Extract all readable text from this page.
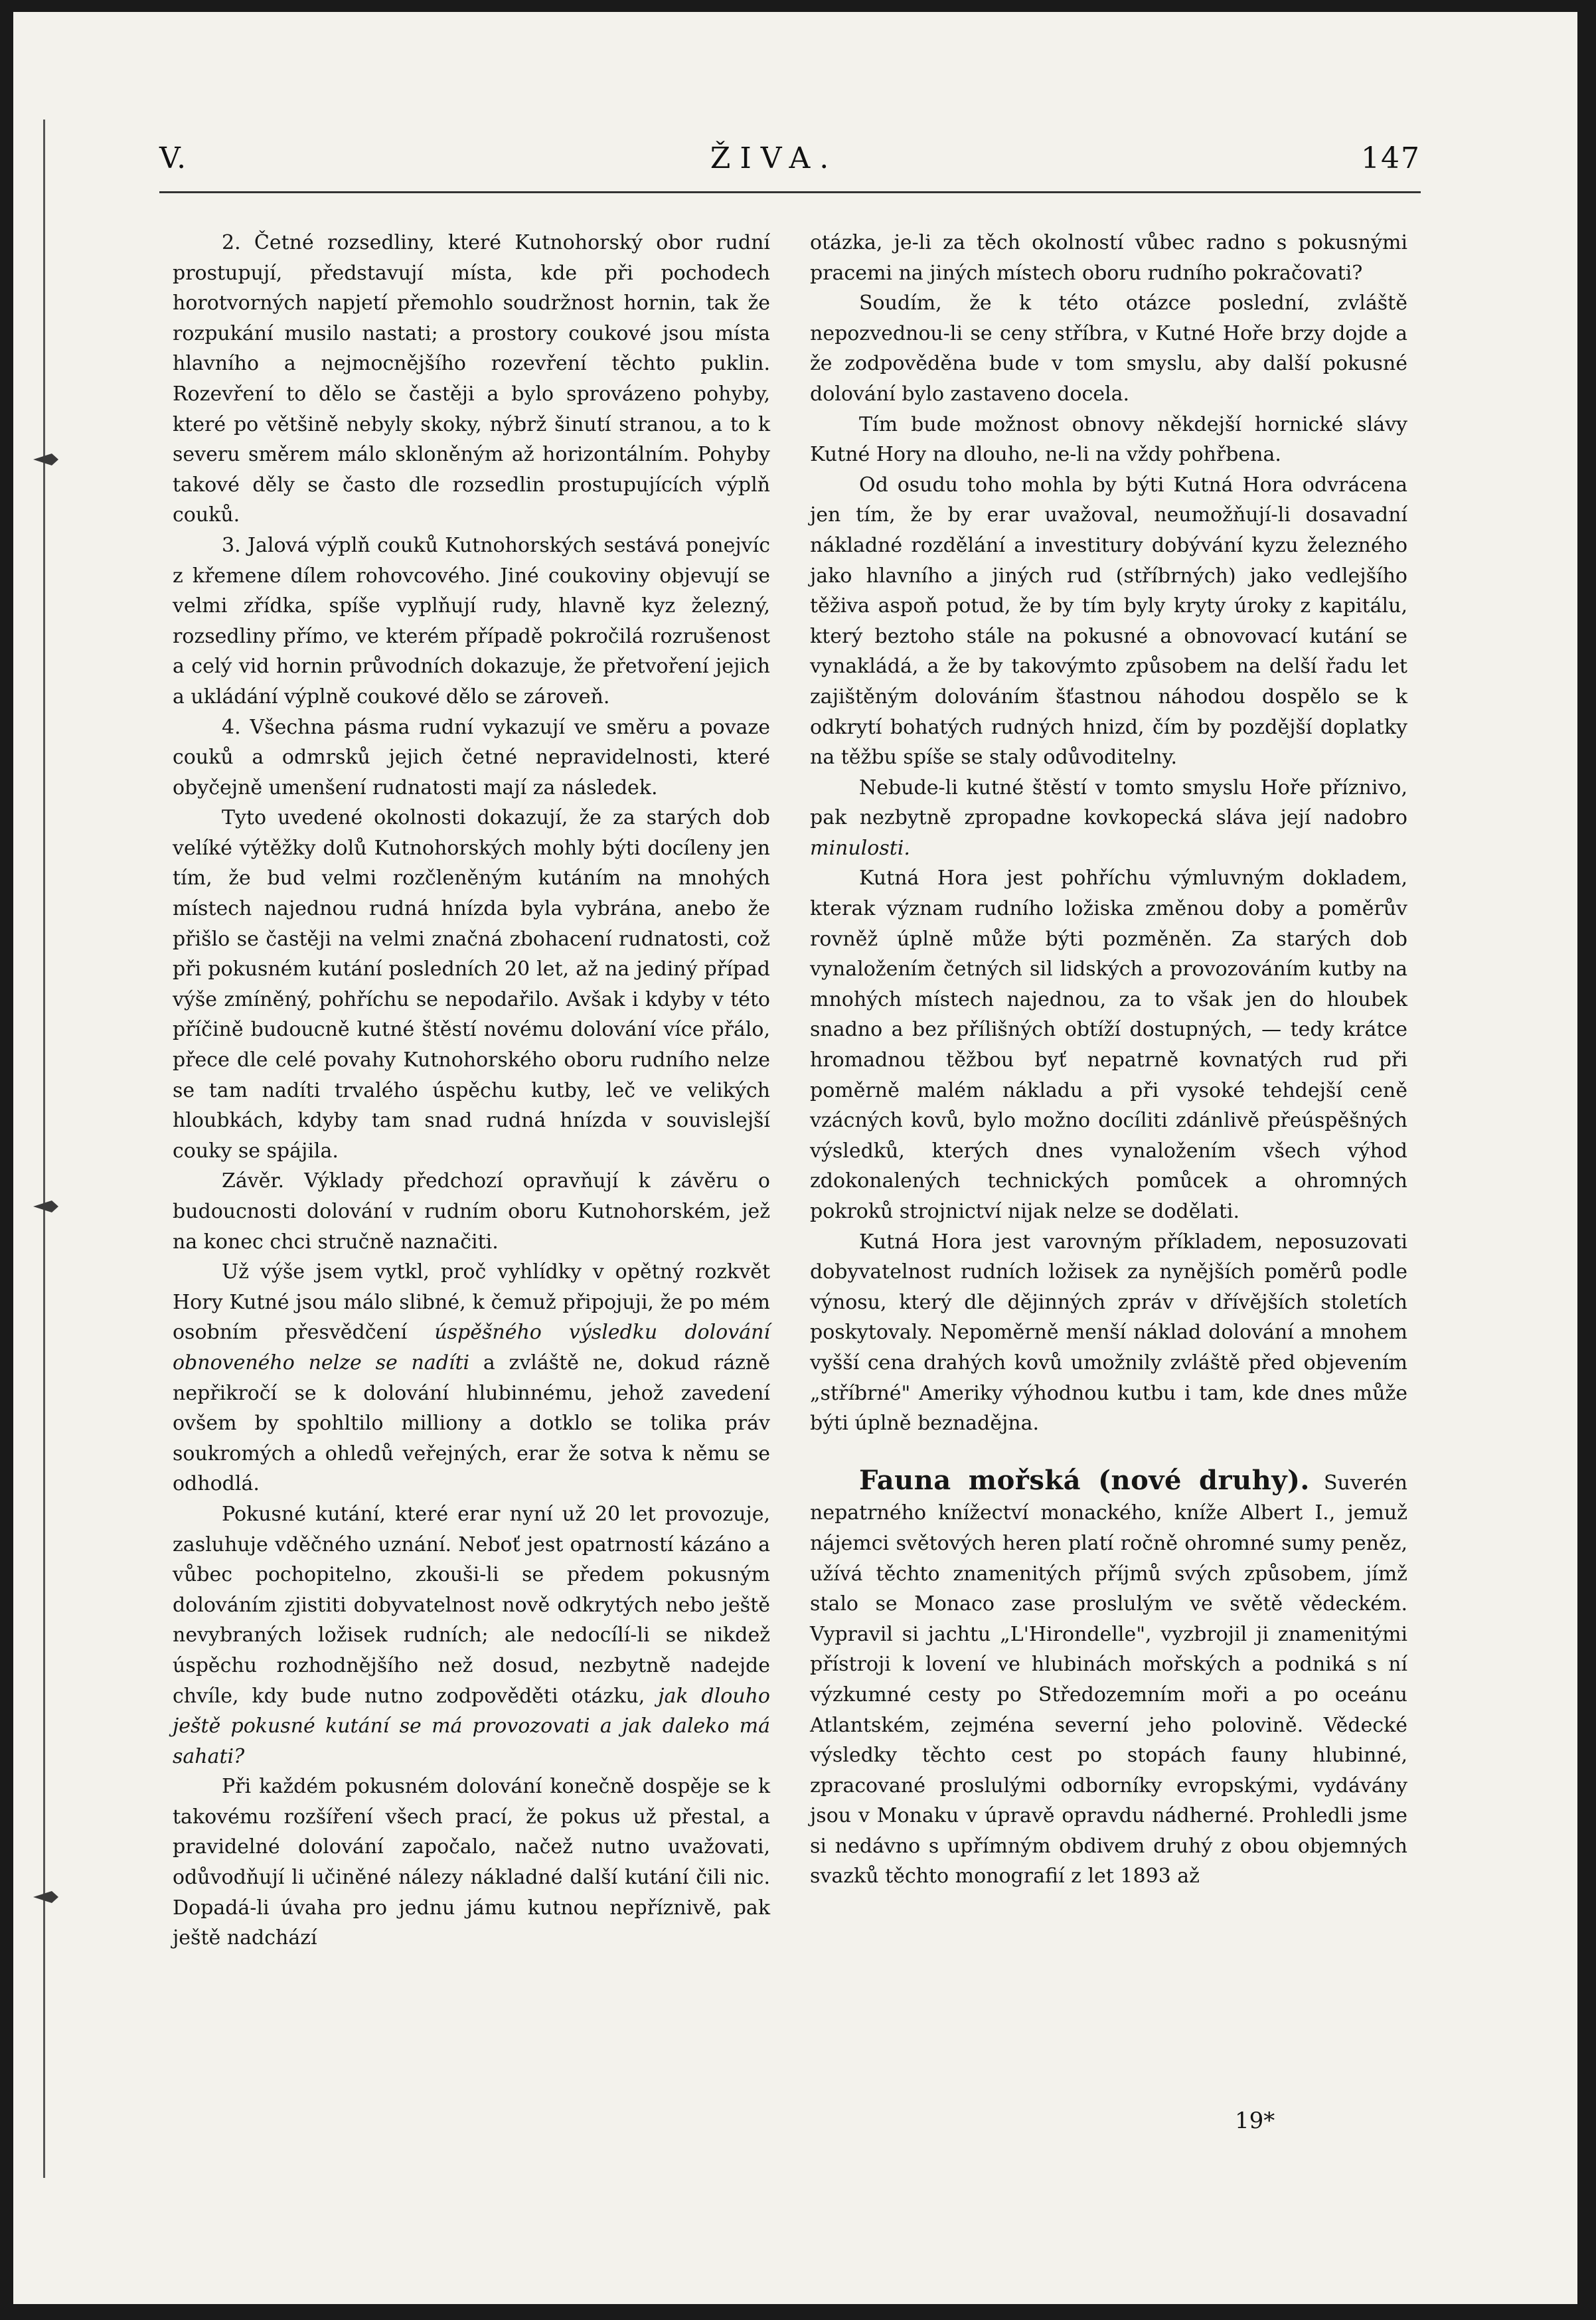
V.	ŽIVA.	147

2. Četné rozsedliny, které Kutnohorský obor rudní prostupují, představují místa, kde při pochodech horotvorných napjetí přemohlo soudržnost hornin, tak že rozpukání musilo nastati; a prostory coukové jsou místa hlavního a nejmocnějšího rozevření těchto puklin. Rozevření to dělo se častěji a bylo sprovázeno pohyby, které po většině nebyly skoky, nýbrž šinutí stranou, a to k severu směrem málo skloněným až horizontálním. Pohyby takové děly se často dle rozsedlin prostupujících výplň couků.

3. Jalová výplň couků Kutnohorských sestává ponejvíc z křemene dílem rohovcového. Jiné coukoviny objevují se velmi zřídka, spíše vyplňují rudy, hlavně kyz železný, rozsedliny přímo, ve kterém případě pokročilá rozrušenost a celý vid hornin průvodních dokazuje, že přetvoření jejich a ukládání výplně coukové dělo se zároveň.

4. Všechna pásma rudní vykazují ve směru a povaze couků a odmrsků jejich četné nepravidelnosti, které obyčejně umenšení rudnatosti mají za následek.

Tyto uvedené okolnosti dokazují, že za starých dob velíké výtěžky dolů Kutnohorských mohly býti docíleny jen tím, že bud velmi rozčleněným kutáním na mnohých místech najednou rudná hnízda byla vybrána, anebo že přišlo se častěji na velmi značná zbohacení rudnatosti, což při pokusném kutání posledních 20 let, až na jediný případ výše zmíněný, pohříchu se nepodařilo. Avšak i kdyby v této příčině budoucně kutné štěstí novému dolování více přálo, přece dle celé povahy Kutnohorského oboru rudního nelze se tam nadíti trvalého úspěchu kutby, leč ve velikých hloubkách, kdyby tam snad rudná hnízda v souvislejší couky se spájila.

Závěr. Výklady předchozí opravňují k závěru o budoucnosti dolování v rudním oboru Kutnohorském, jež na konec chci stručně naznačiti.

Už výše jsem vytkl, proč vyhlídky v opětný rozkvět Hory Kutné jsou málo slibné, k čemuž připojuji, že po mém osobním přesvědčení úspěšného výsledku dolování obnoveného nelze se nadíti a zvláště ne, dokud rázně nepřikročí se k dolování hlubinnému, jehož zavedení ovšem by spohltilo milliony a dotklo se tolika práv soukromých a ohledů veřejných, erar že sotva k němu se odhodlá.

Pokusné kutání, které erar nyní už 20 let provozuje, zasluhuje vděčného uznání. Neboť jest opatrností kázáno a vůbec pochopitelno, zkouši-li se předem pokusným dolováním zjistiti dobyvatelnost nově odkrytých nebo ještě nevybraných ložisek rudních; ale nedocílí-li se nikdež úspěchu rozhodnějšího než dosud, nezbytně nadejde chvíle, kdy bude nutno zodpověděti otázku, jak dlouho ještě pokusné kutání se má provozovati a jak daleko má sahati?

Při každém pokusném dolování konečně dospěje se k takovému rozšíření všech prací, že pokus už přestal, a pravidelné dolování započalo, načež nutno uvažovati, odůvodňují li učiněné nálezy nákladné další kutání čili nic. Dopadá-li úvaha pro jednu jámu kutnou nepříznivě, pak ještě nadchází

otázka, je-li za těch okolností vůbec radno s pokusnými pracemi na jiných místech oboru rudního pokračovati?

Soudím, že k této otázce poslední, zvláště nepozvednou-li se ceny stříbra, v Kutné Hoře brzy dojde a že zodpověděna bude v tom smyslu, aby další pokusné dolování bylo zastaveno docela.

Tím bude možnost obnovy někdejší hornické slávy Kutné Hory na dlouho, ne-li na vždy pohřbena.

Od osudu toho mohla by býti Kutná Hora odvrácena jen tím, že by erar uvažoval, neumožňují-li dosavadní nákladné rozdělání a investitury dobývání kyzu železného jako hlavního a jiných rud (stříbrných) jako vedlejšího těživa aspoň potud, že by tím byly kryty úroky z kapitálu, který beztoho stále na pokusné a obnovovací kutání se vynakládá, a že by takovýmto způsobem na delší řadu let zajištěným dolováním šťastnou náhodou dospělo se k odkrytí bohatých rudných hnizd, čím by pozdější doplatky na těžbu spíše se staly odůvoditelny.

Nebude-li kutné štěstí v tomto smyslu Hoře příznivo, pak nezbytně zpropadne kovkopecká sláva její nadobro minulosti.

Kutná Hora jest pohříchu výmluvným dokladem, kterak význam rudního ložiska změnou doby a poměrův rovněž úplně může býti pozměněn. Za starých dob vynaložením četných sil lidských a provozováním kutby na mnohých místech najednou, za to však jen do hloubek snadno a bez přílišných obtíží dostupných, — tedy krátce hromadnou těžbou byť nepatrně kovnatých rud při poměrně malém nákladu a při vysoké tehdejší ceně vzácných kovů, bylo možno docíliti zdánlivě přeúspěšných výsledků, kterých dnes vynaložením všech výhod zdokonalených technických pomůcek a ohromných pokroků strojnictví nijak nelze se dodělati.

Kutná Hora jest varovným příkladem, neposuzovati dobyvatelnost rudních ložisek za nynějších poměrů podle výnosu, který dle dějinných zpráv v dřívějších stoletích poskytovaly. Nepoměrně menší náklad dolování a mnohem vyšší cena drahých kovů umožnily zvláště před objevením „stříbrné" Ameriky výhodnou kutbu i tam, kde dnes může býti úplně beznadějna.

Fauna mořská (nové druhy). Suverén nepatrného knížectví monackého, kníže Albert I., jemuž nájemci světových heren platí ročně ohromné sumy peněz, užívá těchto znamenitých příjmů svých způsobem, jímž stalo se Monaco zase proslulým ve světě vědeckém. Vypravil si jachtu „L'Hirondelle", vyzbrojil ji znamenitými přístroji k lovení ve hlubinách mořských a podniká s ní výzkumné cesty po Středozemním moři a po oceánu Atlantském, zejména severní jeho polovině. Vědecké výsledky těchto cest po stopách fauny hlubinné, zpracované proslulými odborníky evropskými, vydávány jsou v Monaku v úpravě opravdu nádherné. Prohledli jsme si nedávno s upřímným obdivem druhý z obou objemných svazků těchto monografií z let 1893 až

19*
